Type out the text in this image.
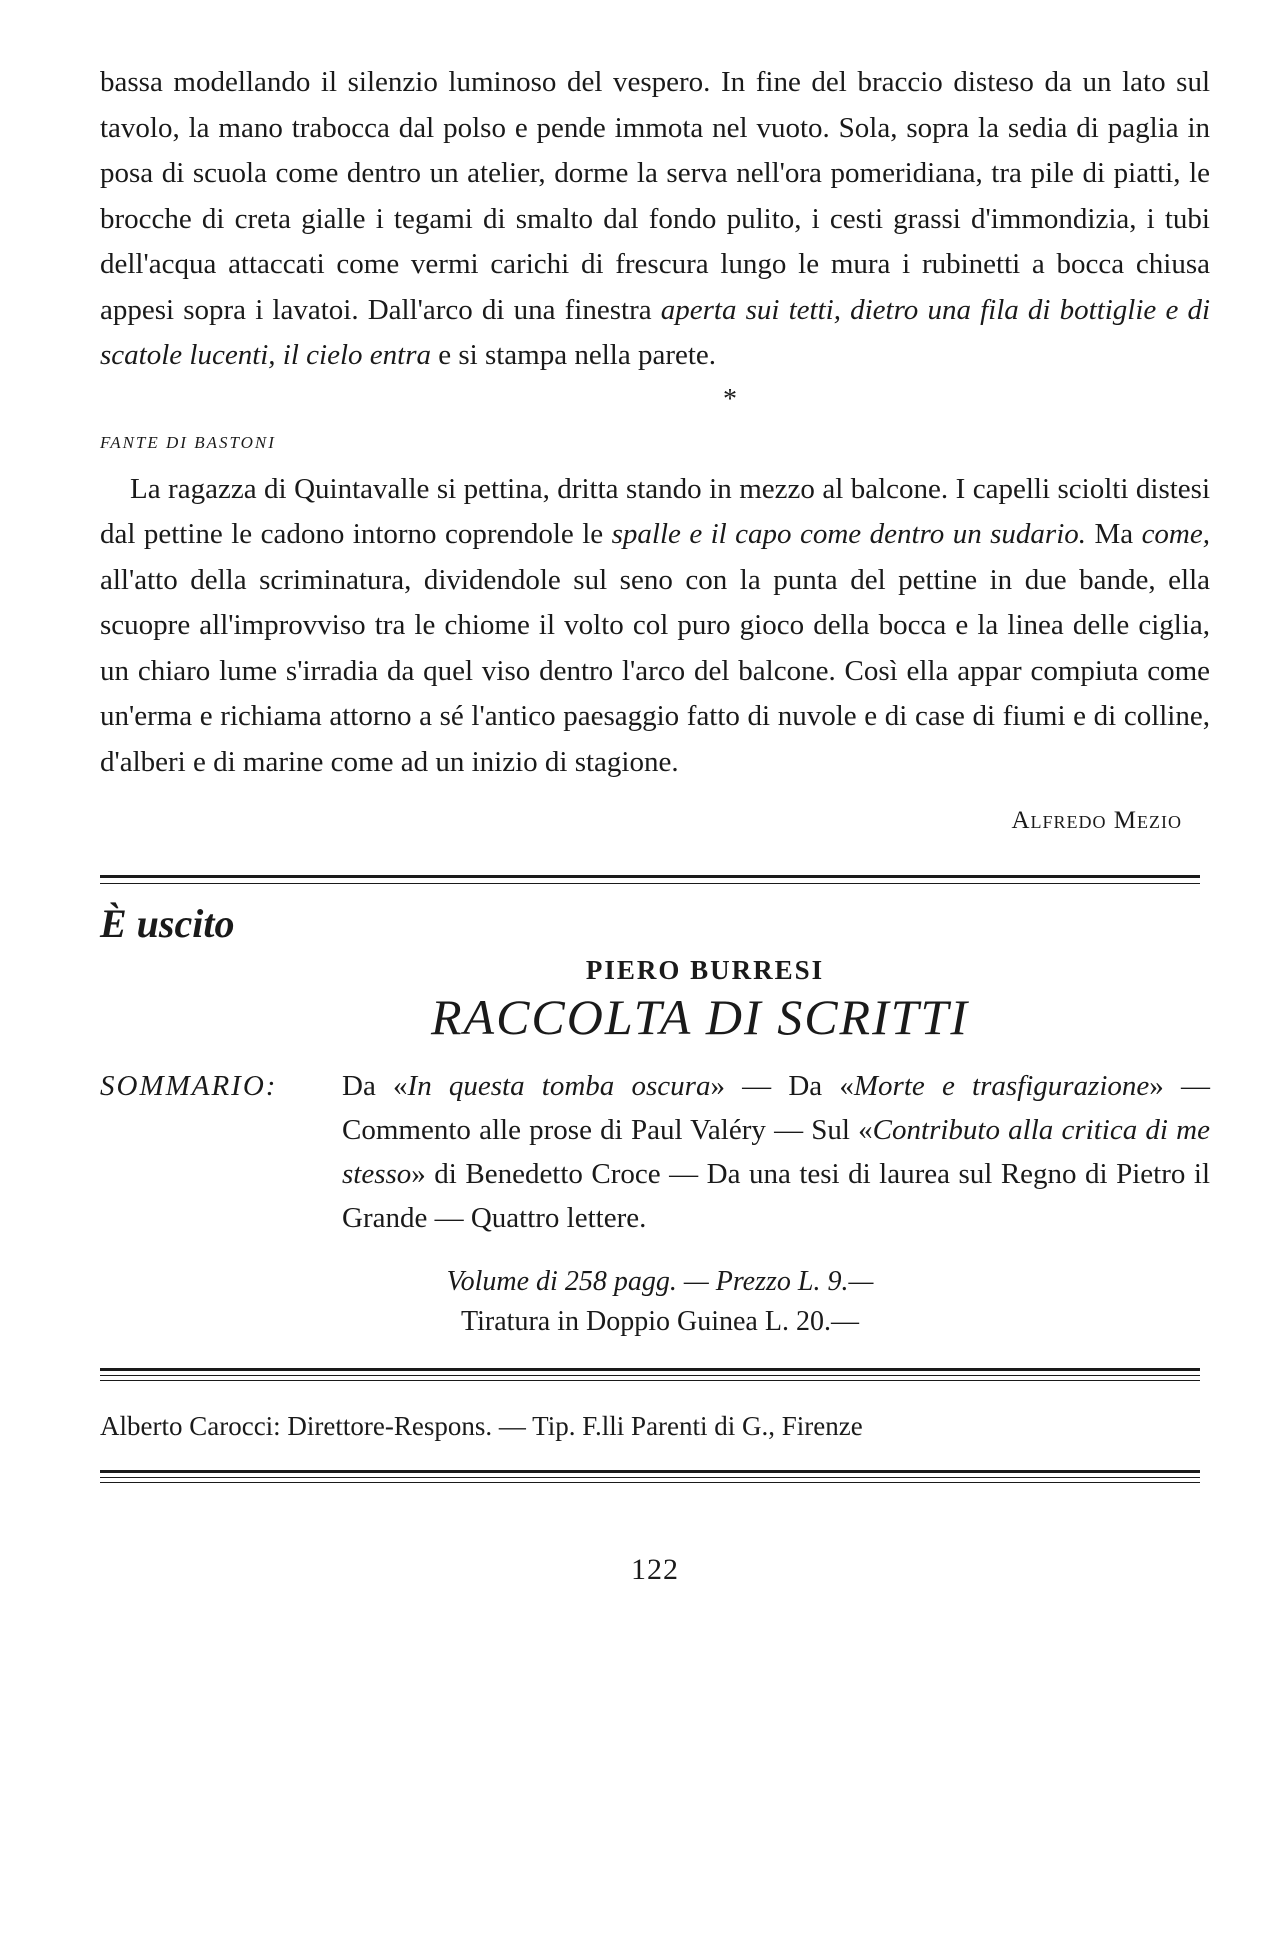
bassa modellando il silenzio luminoso del vespero. In fine del braccio disteso da un lato sul tavolo, la mano trabocca dal polso e pende immota nel vuoto. Sola, sopra la sedia di paglia in posa di scuola come dentro un atelier, dorme la serva nell'ora pomeridiana, tra pile di piatti, le brocche di creta gialle i tegami di smalto dal fondo pulito, i cesti grassi d'immondizia, i tubi dell'acqua attaccati come vermi carichi di frescura lungo le mura i rubinetti a bocca chiusa appesi sopra i lavatoi. Dall'arco di una finestra aperta sui tetti, dietro una fila di bottiglie e di scatole lucenti, il cielo entra e si stampa nella parete.

*
FANTE DI BASTONI

La ragazza di Quintavalle si pettina, dritta stando in mezzo al balcone. I capelli sciolti distesi dal pettine le cadono intorno coprendole le spalle e il capo come dentro un sudario. Ma come, all'atto della scriminatura, dividendole sul seno con la punta del pettine in due bande, ella scuopre all'improvviso tra le chiome il volto col puro gioco della bocca e la linea delle ciglia, un chiaro lume s'irradia da quel viso dentro l'arco del balcone. Così ella appar compiuta come un'erma e richiama attorno a sé l'antico paesaggio fatto di nuvole e di case di fiumi e di colline, d'alberi e di marine come ad un inizio di stagione.

Alfredo Mezio
È uscito
PIERO BURRESI
RACCOLTA DI SCRITTI
SOMMARIO:	Da «In questa tomba oscura» — Da «Morte e trasfigurazione» — Commento alle prose di Paul Valéry — Sul «Contributo alla critica di me stesso» di Benedetto Croce — Da una tesi di laurea sul Regno di Pietro il Grande — Quattro lettere.

Volume di 258 pagg. — Prezzo L. 9.—

Tiratura in Doppio Guinea L. 20.—

Alberto Carocci: Direttore-Respons. — Tip. F.lli Parenti di G., Firenze

122
